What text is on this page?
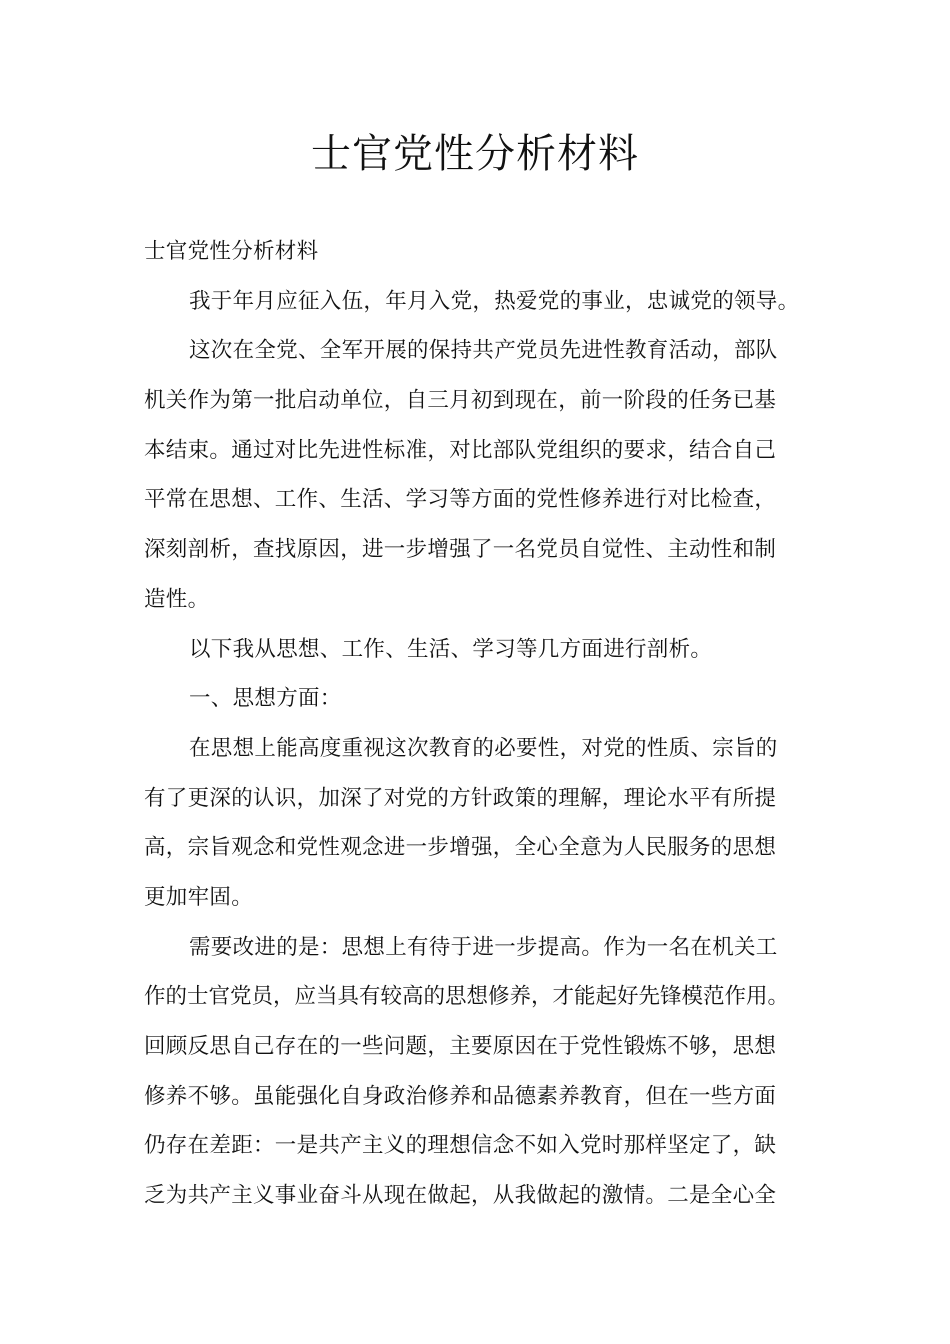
士官党性分析材料
士官党性分析材料
我于年月应征入伍，年月入党，热爱党的事业，忠诚党的领导。
这次在全党、全军开展的保持共产党员先进性教育活动，部队
机关作为第一批启动单位，自三月初到现在，前一阶段的任务已基
本结束。通过对比先进性标准，对比部队党组织的要求，结合自己
平常在思想、工作、生活、学习等方面的党性修养进行对比检查，
深刻剖析，查找原因，进一步增强了一名党员自觉性、主动性和制
造性。
以下我从思想、工作、生活、学习等几方面进行剖析。
一、思想方面：
在思想上能高度重视这次教育的必要性，对党的性质、宗旨的
有了更深的认识，加深了对党的方针政策的理解，理论水平有所提
高，宗旨观念和党性观念进一步增强，全心全意为人民服务的思想
更加牢固。
需要改进的是：思想上有待于进一步提高。作为一名在机关工
作的士官党员，应当具有较高的思想修养，才能起好先锋模范作用。
回顾反思自己存在的一些问题，主要原因在于党性锻炼不够，思想
修养不够。虽能强化自身政治修养和品德素养教育，但在一些方面
仍存在差距：一是共产主义的理想信念不如入党时那样坚定了，缺
乏为共产主义事业奋斗从现在做起，从我做起的激情。二是全心全
